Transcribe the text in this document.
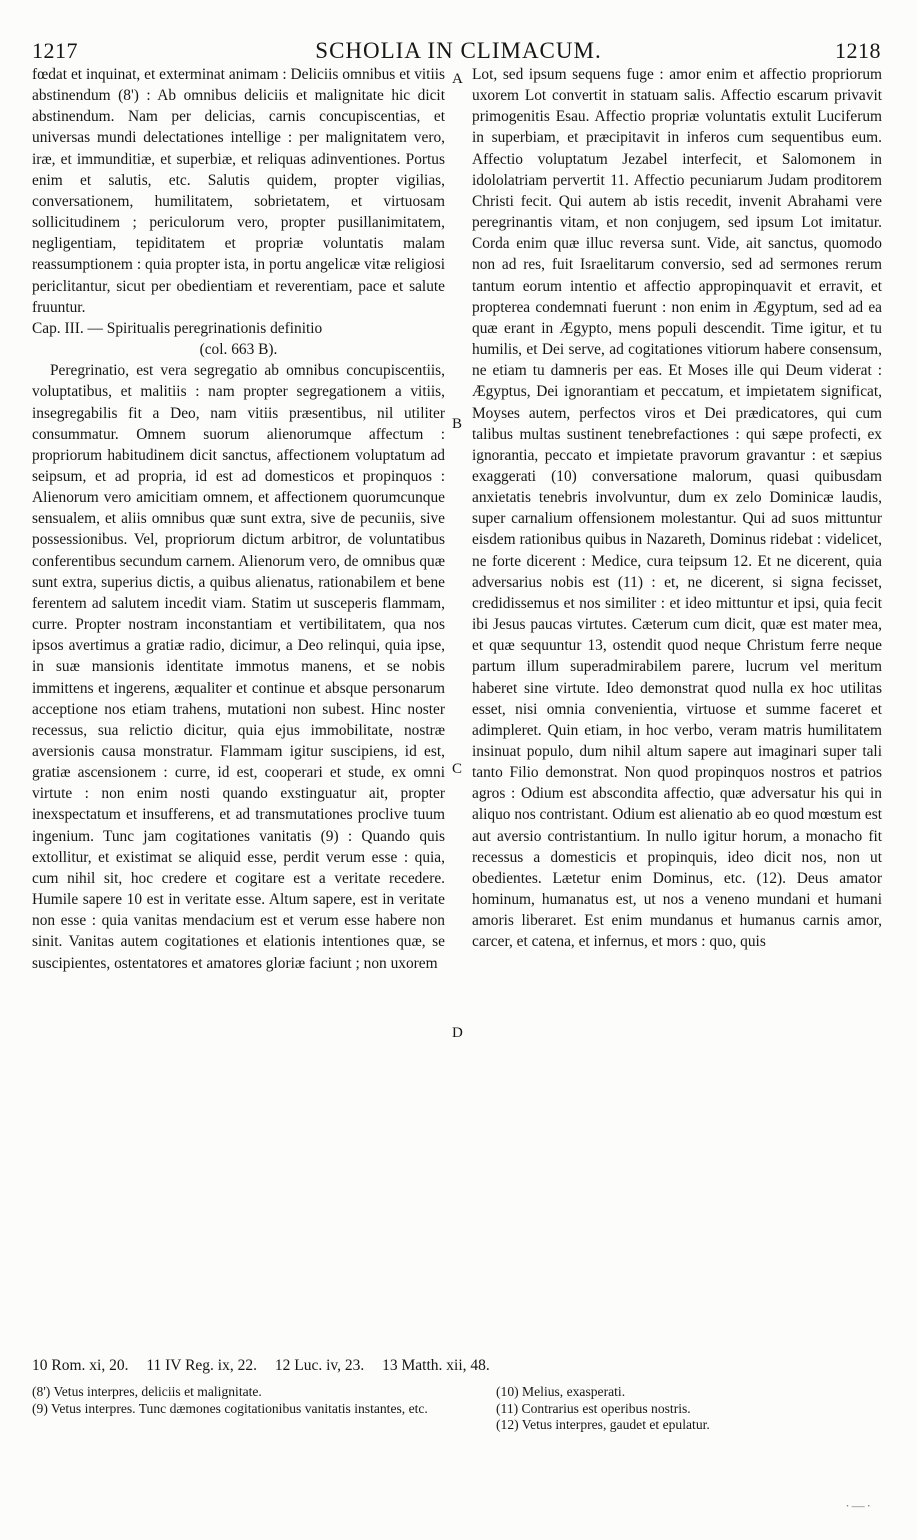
1217	SCHOLIA IN CLIMACUM.	1218

fœdat et inquinat, et exterminat animam : Deliciis omnibus et vitiis abstinendum (8') : Ab omnibus deliciis et malignitate hic dicit abstinendum. Nam per delicias, carnis concupiscentias, et universas mundi delectationes intellige : per malignitatem vero, iræ, et immunditiæ, et superbiæ, et reliquas adinventiones. Portus enim et salutis, etc. Salutis quidem, propter vigilias, conversationem, humilitatem, sobrietatem, et virtuosam sollicitudinem ; periculorum vero, propter pusillanimitatem, negligentiam, tepiditatem et propriæ voluntatis malam reassumptionem : quia propter ista, in portu angelicæ vitæ religiosi periclitantur, sicut per obedientiam et reverentiam, pace et salute fruuntur.

Cap. III. — Spiritualis peregrinationis definitio
(col. 663 B).

Peregrinatio, est vera segregatio ab omnibus concupiscentiis, voluptatibus, et malitiis : nam propter segregationem a vitiis, insegregabilis fit a Deo, nam vitiis præsentibus, nil utiliter consummatur. Omnem suorum alienorumque affectum : propriorum habitudinem dicit sanctus, affectionem voluptatum ad seipsum, et ad propria, id est ad domesticos et propinquos : Alienorum vero amicitiam omnem, et affectionem quorumcunque sensualem, et aliis omnibus quæ sunt extra, sive de pecuniis, sive possessionibus. Vel, propriorum dictum arbitror, de voluntatibus conferentibus secundum carnem. Alienorum vero, de omnibus quæ sunt extra, superius dictis, a quibus alienatus, rationabilem et bene ferentem ad salutem incedit viam. Statim ut susceperis flammam, curre. Propter nostram inconstantiam et vertibilitatem, qua nos ipsos avertimus a gratiæ radio, dicimur, a Deo relinqui, quia ipse, in suæ mansionis identitate immotus manens, et se nobis immittens et ingerens, æqualiter et continue et absque personarum acceptione nos etiam trahens, mutationi non subest. Hinc noster recessus, sua relictio dicitur, quia ejus immobilitate, nostræ aversionis causa monstratur. Flammam igitur suscipiens, id est, gratiæ ascensionem : curre, id est, cooperari et stude, ex omni virtute : non enim nosti quando exstinguatur ait, propter inexspectatum et insufferens, et ad transmutationes proclive tuum ingenium. Tunc jam cogitationes vanitatis (9) : Quando quis extollitur, et existimat se aliquid esse, perdit verum esse : quia, cum nihil sit, hoc credere et cogitare est a veritate recedere. Humile sapere 10 est in veritate esse. Altum sapere, est in veritate non esse : quia vanitas mendacium est et verum esse habere non sinit. Vanitas autem cogitationes et elationis intentiones quæ, se suscipientes, ostentatores et amatores gloriæ faciunt ; non uxorem

A
B
C
D

Lot, sed ipsum sequens fuge : amor enim et affectio propriorum uxorem Lot convertit in statuam salis. Affectio escarum privavit primogenitis Esau. Affectio propriæ voluntatis extulit Luciferum in superbiam, et præcipitavit in inferos cum sequentibus eum. Affectio voluptatum Jezabel interfecit, et Salomonem in idololatriam pervertit 11. Affectio pecuniarum Judam proditorem Christi fecit. Qui autem ab istis recedit, invenit Abrahami vere peregrinantis vitam, et non conjugem, sed ipsum Lot imitatur. Corda enim quæ illuc reversa sunt. Vide, ait sanctus, quomodo non ad res, fuit Israelitarum conversio, sed ad sermones rerum tantum eorum intentio et affectio appropinquavit et erravit, et propterea condemnati fuerunt : non enim in Ægyptum, sed ad ea quæ erant in Ægypto, mens populi descendit. Time igitur, et tu humilis, et Dei serve, ad cogitationes vitiorum habere consensum, ne etiam tu damneris per eas. Et Moses ille qui Deum viderat : Ægyptus, Dei ignorantiam et peccatum, et impietatem significat, Moyses autem, perfectos viros et Dei prædicatores, qui cum talibus multas sustinent tenebrefactiones : qui sæpe profecti, ex ignorantia, peccato et impietate pravorum gravantur : et sæpius exaggerati (10) conversatione malorum, quasi quibusdam anxietatis tenebris involvuntur, dum ex zelo Dominicæ laudis, super carnalium offensionem molestantur. Qui ad suos mittuntur eisdem rationibus quibus in Nazareth, Dominus ridebat : videlicet, ne forte dicerent : Medice, cura teipsum 12. Et ne dicerent, quia adversarius nobis est (11) : et, ne dicerent, si signa fecisset, credidissemus et nos similiter : et ideo mittuntur et ipsi, quia fecit ibi Jesus paucas virtutes. Cæterum cum dicit, quæ est mater mea, et quæ sequuntur 13, ostendit quod neque Christum ferre neque partum illum superadmirabilem parere, lucrum vel meritum haberet sine virtute. Ideo demonstrat quod nulla ex hoc utilitas esset, nisi omnia convenientia, virtuose et summe faceret et adimpleret. Quin etiam, in hoc verbo, veram matris humilitatem insinuat populo, dum nihil altum sapere aut imaginari super tali tanto Filio demonstrat. Non quod propinquos nostros et patrios agros : Odium est abscondita affectio, quæ adversatur his qui in aliquo nos contristant. Odium est alienatio ab eo quod mœstum est aut aversio contristantium. In nullo igitur horum, a monacho fit recessus a domesticis et propinquis, ideo dicit nos, non ut obedientes. Lætetur enim Dominus, etc. (12). Deus amator hominum, humanatus est, ut nos a veneno mundani et humani amoris liberaret. Est enim mundanus et humanus carnis amor, carcer, et catena, et infernus, et mors : quo, quis

10 Rom. xi, 20. 11 IV Reg. ix, 22. 12 Luc. iv, 23. 13 Matth. xii, 48.
(8') Vetus interpres, deliciis et malignitate.
(9) Vetus interpres. Tunc dæmones cogitationibus vanitatis instantes, etc.
(10) Melius, exasperati.
(11) Contrarius est operibus nostris.
(12) Vetus interpres, gaudet et epulatur.
·—·
